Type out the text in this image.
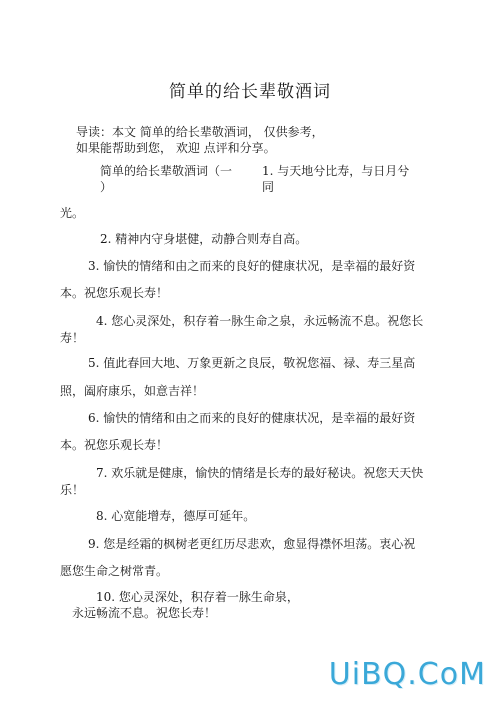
简单的给长辈敬酒词
导读：本文 简单的给长辈敬酒词， 仅供参考，
如果能帮助到您， 欢迎 点评和分享。
简单的给长辈敬酒词（一
）
1. 与天地兮比寿，与日月兮
同
光。
2. 精神内守身堪健，动静合则寿自高。
3. 愉快的情绪和由之而来的良好的健康状况，是幸福的最好资
本。祝您乐观长寿！
4. 您心灵深处，积存着一脉生命之泉，永远畅流不息。祝您长
寿！
5. 值此春回大地、万象更新之良辰，敬祝您福、禄、寿三星高
照，阖府康乐，如意吉祥！
6. 愉快的情绪和由之而来的良好的健康状况，是幸福的最好资
本。祝您乐观长寿！
7. 欢乐就是健康，愉快的情绪是长寿的最好秘诀。祝您天天快
乐！
8. 心宽能增寿，德厚可延年。
9. 您是经霜的枫树老更红历尽悲欢，愈显得襟怀坦荡。衷心祝
愿您生命之树常青。
10. 您心灵深处，积存着一脉生命泉，
永远畅流不息。祝您长寿！
UiBQ.CoM
